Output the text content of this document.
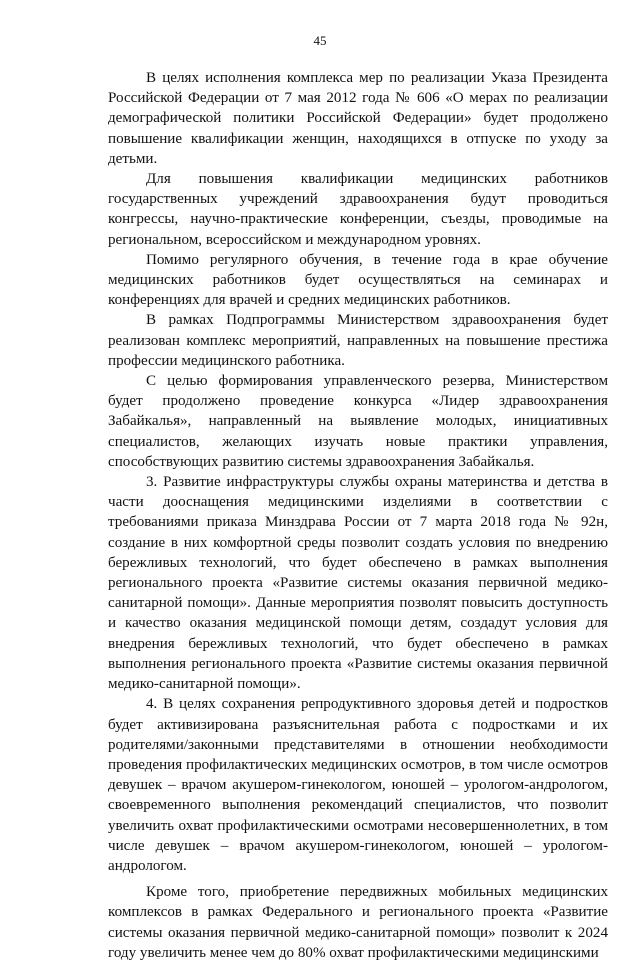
45

В целях исполнения комплекса мер по реализации Указа Президента Российской Федерации от 7 мая 2012 года № 606 «О мерах по реализации демографической политики Российской Федерации» будет продолжено повышение квалификации женщин, находящихся в отпуске по уходу за детьми.

Для повышения квалификации медицинских работников государственных учреждений здравоохранения будут проводиться конгрессы, научно-практические конференции, съезды, проводимые на региональном, всероссийском и международном уровнях.

Помимо регулярного обучения, в течение года в крае обучение медицинских работников будет осуществляться на семинарах и конференциях для врачей и средних медицинских работников.

В рамках Подпрограммы Министерством здравоохранения будет реализован комплекс мероприятий, направленных на повышение престижа профессии медицинского работника.

С целью формирования управленческого резерва, Министерством будет продолжено проведение конкурса «Лидер здравоохранения Забайкалья», направленный на выявление молодых, инициативных специалистов, желающих изучать новые практики управления, способствующих развитию системы здравоохранения Забайкалья.

3. Развитие инфраструктуры службы охраны материнства и детства в части дооснащения медицинскими изделиями в соответствии с требованиями приказа Минздрава России от 7 марта 2018 года № 92н, создание в них комфортной среды позволит создать условия по внедрению бережливых технологий, что будет обеспечено в рамках выполнения регионального проекта «Развитие системы оказания первичной медико-санитарной помощи». Данные мероприятия позволят повысить доступность и качество оказания медицинской помощи детям, создадут условия для внедрения бережливых технологий, что будет обеспечено в рамках выполнения регионального проекта «Развитие системы оказания первичной медико-санитарной помощи».

4. В целях сохранения репродуктивного здоровья детей и подростков будет активизирована разъяснительная работа с подростками и их родителями/законными представителями в отношении необходимости проведения профилактических медицинских осмотров, в том числе осмотров девушек – врачом акушером-гинекологом, юношей – урологом-андрологом, своевременного выполнения рекомендаций специалистов, что позволит увеличить охват профилактическими осмотрами несовершеннолетних, в том числе девушек – врачом акушером-гинекологом, юношей – урологом-андрологом.

Кроме того, приобретение передвижных мобильных медицинских комплексов в рамках Федерального и регионального проекта «Развитие системы оказания первичной медико-санитарной помощи» позволит к 2024 году увеличить менее чем до 80% охват профилактическими медицинскими
